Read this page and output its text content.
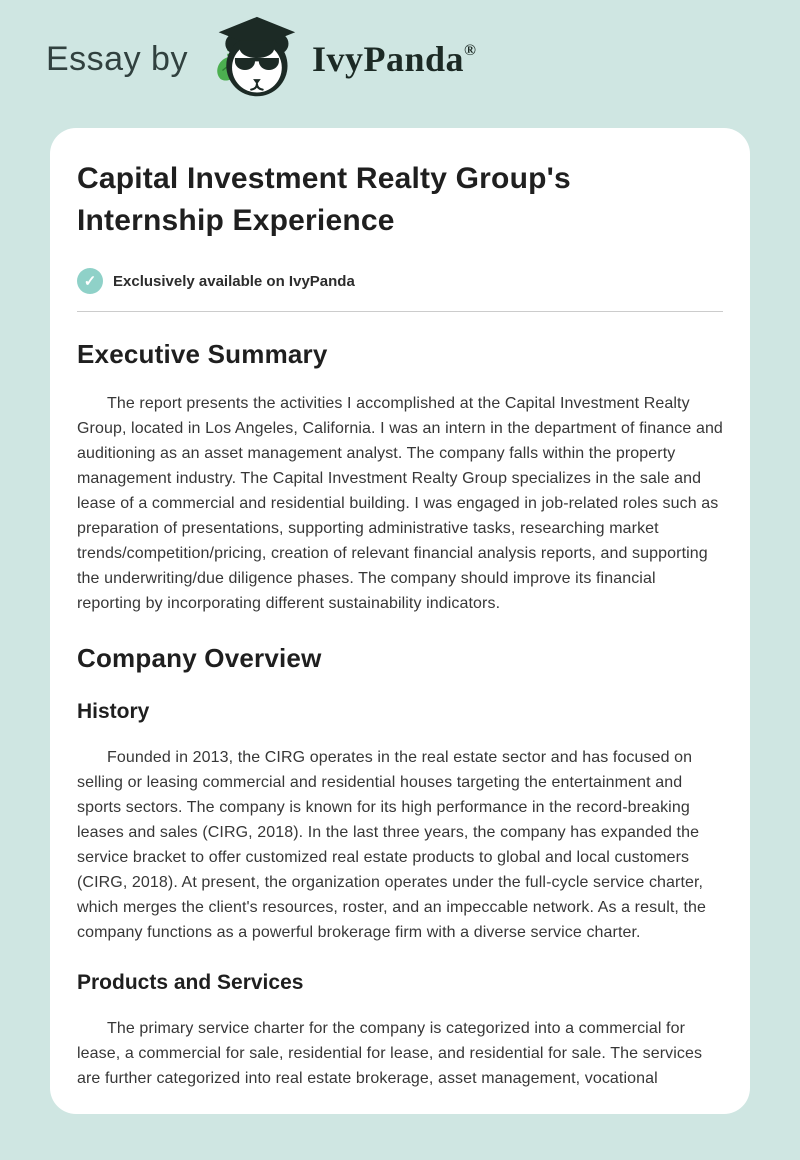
Essay by	IvyPanda®
Capital Investment Realty Group's Internship Experience
✓	Exclusively available on IvyPanda
Executive Summary

The report presents the activities I accomplished at the Capital Investment Realty Group, located in Los Angeles, California. I was an intern in the department of finance and auditioning as an asset management analyst. The company falls within the property management industry. The Capital Investment Realty Group specializes in the sale and lease of a commercial and residential building. I was engaged in job-related roles such as preparation of presentations, supporting administrative tasks, researching market trends/competition/pricing, creation of relevant financial analysis reports, and supporting the underwriting/due diligence phases. The company should improve its financial reporting by incorporating different sustainability indicators.

Company Overview
History

Founded in 2013, the CIRG operates in the real estate sector and has focused on selling or leasing commercial and residential houses targeting the entertainment and sports sectors. The company is known for its high performance in the record-breaking leases and sales (CIRG, 2018). In the last three years, the company has expanded the service bracket to offer customized real estate products to global and local customers (CIRG, 2018). At present, the organization operates under the full-cycle service charter, which merges the client's resources, roster, and an impeccable network. As a result, the company functions as a powerful brokerage firm with a diverse service charter.

Products and Services

The primary service charter for the company is categorized into a commercial for lease, a commercial for sale, residential for lease, and residential for sale. The services are further categorized into real estate brokerage, asset management, vocational
